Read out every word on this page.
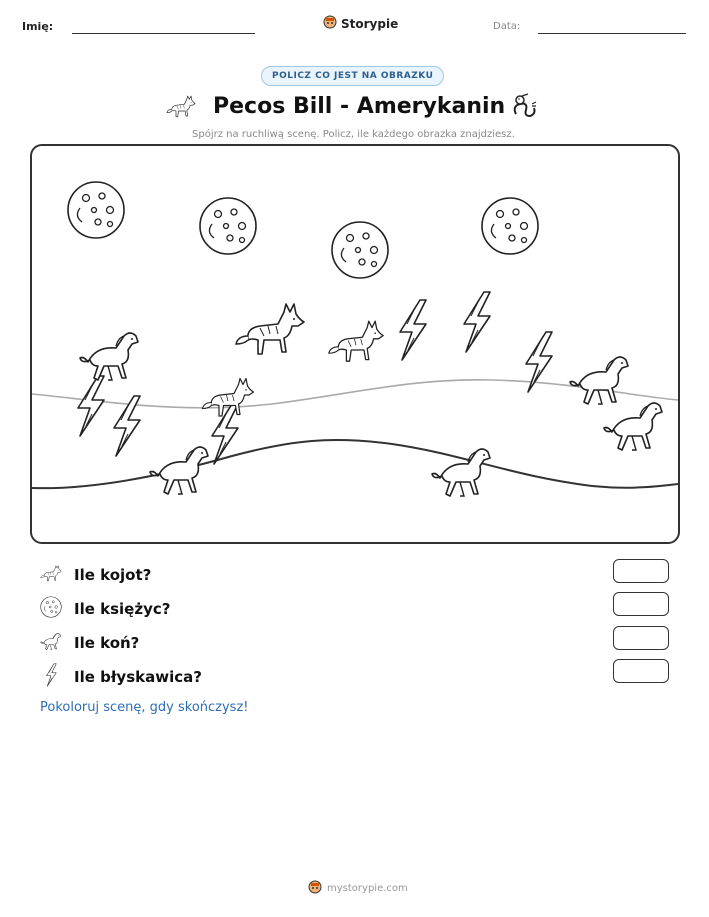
Imię:	Storypie	Data:
POLICZ CO JEST NA OBRAZKU
Pecos Bill - Amerykanin
Spójrz na ruchliwą scenę. Policz, ile każdego obrazka znajdziesz.
Ile kojot?
Ile księżyc?
Ile koń?
Ile błyskawica?
Pokoloruj scenę, gdy skończysz!
mystorypie.com
